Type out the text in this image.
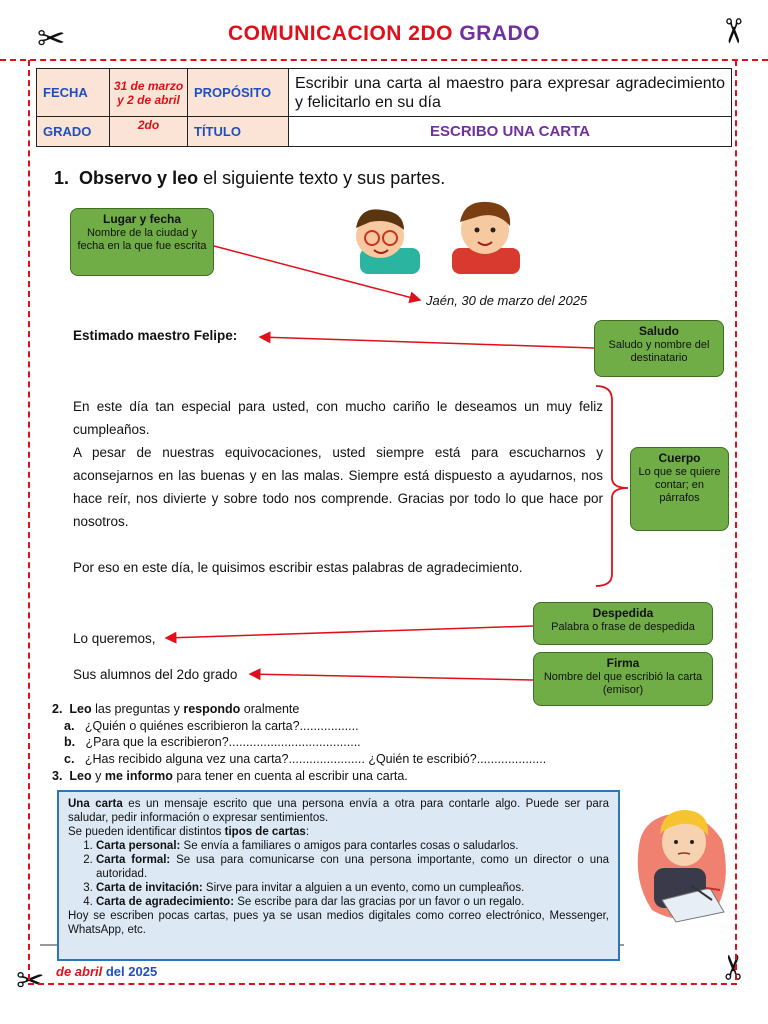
COMUNICACION 2DO GRADO
✂	✂
✂	✂
FECHA	31 de marzo y 2 de abril	PROPÓSITO	Escribir una carta al maestro para expresar agradecimiento y felicitarlo en su día
GRADO	2do	TÍTULO	ESCRIBO UNA CARTA
1. Observo y leo el siguiente texto y sus partes.
Lugar y fecha
Nombre de la ciudad y fecha en la que fue escrita
Saludo
Saludo y nombre del destinatario
Cuerpo
Lo que se quiere contar; en párrafos
Despedida
Palabra o frase de despedida
Firma
Nombre del que escribió la carta (emisor)
Jaén, 30 de marzo del 2025
Estimado maestro Felipe:
En este día tan especial para usted, con mucho cariño le deseamos un muy feliz cumpleaños.
A pesar de nuestras equivocaciones, usted siempre está para escucharnos y aconsejarnos en las buenas y en las malas. Siempre está dispuesto a ayudarnos, nos hace reír, nos divierte y sobre todo nos comprende. Gracias por todo lo que hace por nosotros.
Por eso en este día, le quisimos escribir estas palabras de agradecimiento.
Lo queremos,
Sus alumnos del 2do grado
2. Leo las preguntas y respondo oralmente
a. ¿Quién o quiénes escribieron la carta?.................
b. ¿Para que la escribieron?......................................
c. ¿Has recibido alguna vez una carta?...................... ¿Quién te escribió?....................
3. Leo y me informo para tener en cuenta al escribir una carta.

Una carta es un mensaje escrito que una persona envía a otra para contarle algo. Puede ser para saludar, pedir información o expresar sentimientos.

Se pueden identificar distintos tipos de cartas:

1. Carta personal: Se envía a familiares o amigos para contarles cosas o saludarlos.
2. Carta formal: Se usa para comunicarse con una persona importante, como un director o una autoridad.
3. Carta de invitación: Sirve para invitar a alguien a un evento, como un cumpleaños.
4. Carta de agradecimiento: Se escribe para dar las gracias por un favor o un regalo.

Hoy se escriben pocas cartas, pues ya se usan medios digitales como correo electrónico, Messenger, WhatsApp, etc.

de abril del 2025
